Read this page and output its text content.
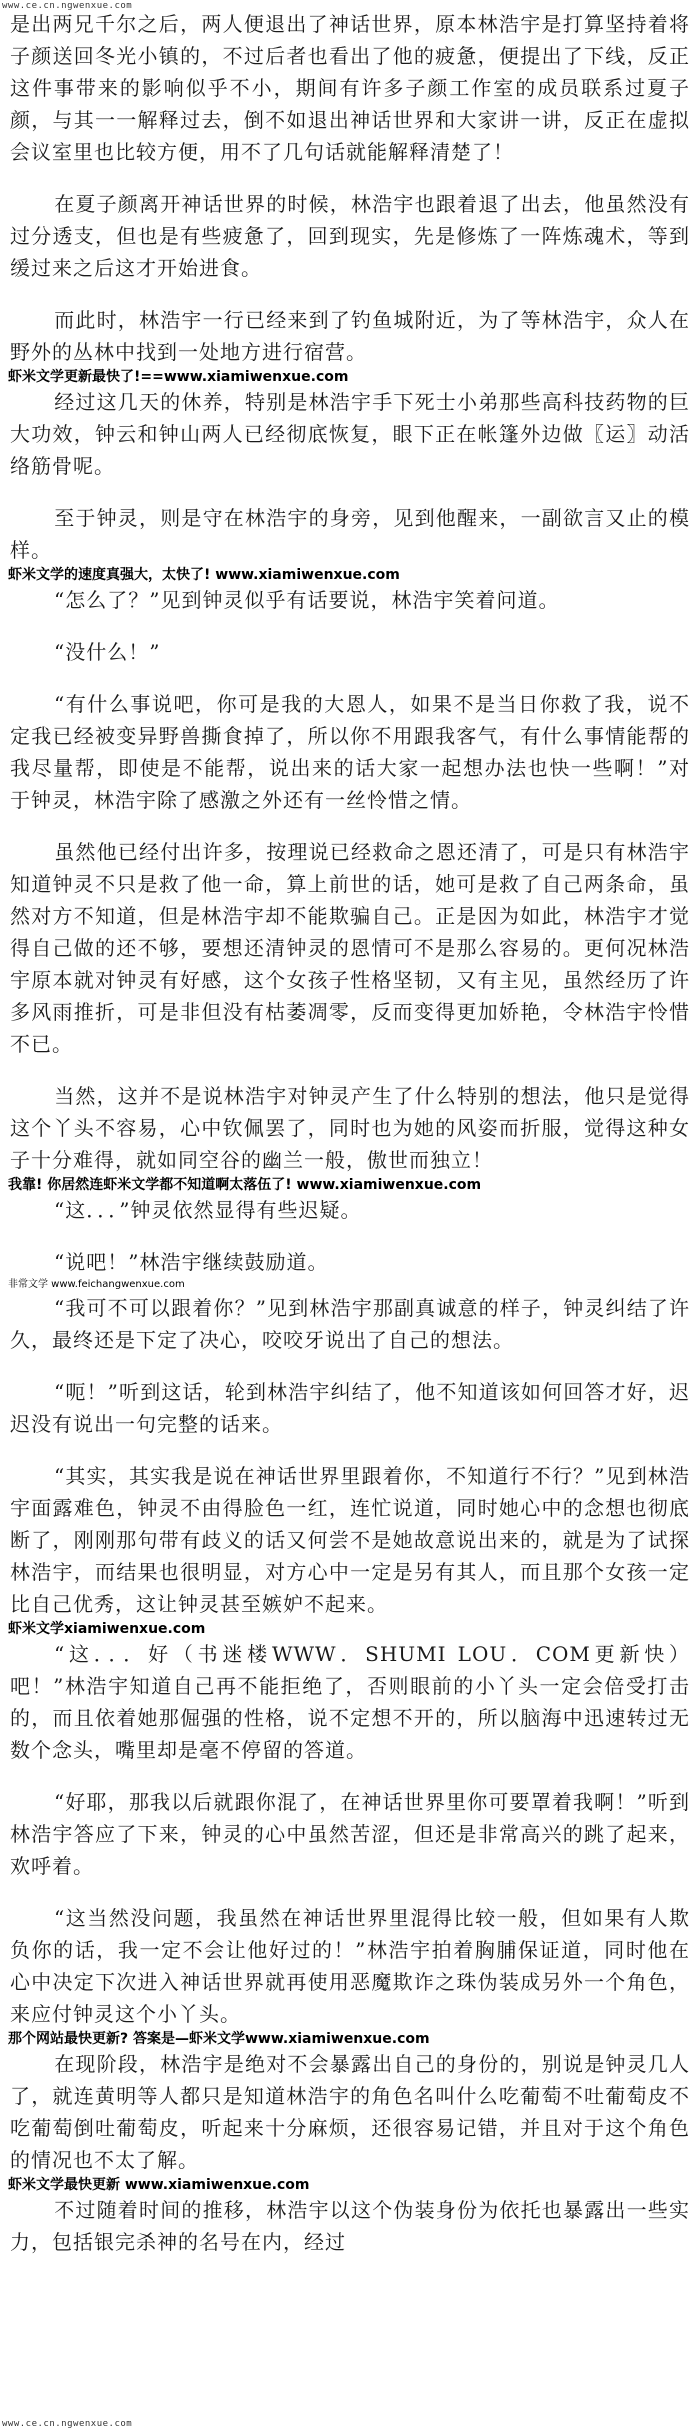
www.ce.cn.ngwenxue.com

是出两兄千尔之后，两人便退出了神话世界，原本林浩宇是打算坚持着将子颜送回冬光小镇的，不过后者也看出了他的疲惫，便提出了下线，反正这件事带来的影响似乎不小，期间有许多子颜工作室的成员联系过夏子颜，与其一一解释过去，倒不如退出神话世界和大家讲一讲，反正在虚拟会议室里也比较方便，用不了几句话就能解释清楚了！

在夏子颜离开神话世界的时候，林浩宇也跟着退了出去，他虽然没有过分透支，但也是有些疲惫了，回到现实，先是修炼了一阵炼魂术，等到缓过来之后这才开始进食。

而此时，林浩宇一行已经来到了钓鱼城附近，为了等林浩宇，众人在野外的丛林中找到一处地方进行宿营。

虾米文学更新最快了!==www.xiamiwenxue.com

经过这几天的休养，特别是林浩宇手下死士小弟那些高科技药物的巨大功效，钟云和钟山两人已经彻底恢复，眼下正在帐篷外边做〖运〗动活络筋骨呢。

至于钟灵，则是守在林浩宇的身旁，见到他醒来，一副欲言又止的模样。

虾米文学的速度真强大，太快了! www.xiamiwenxue.com

“怎么了？”见到钟灵似乎有话要说，林浩宇笑着问道。

“没什么！”

“有什么事说吧，你可是我的大恩人，如果不是当日你救了我，说不定我已经被变异野兽撕食掉了，所以你不用跟我客气，有什么事情能帮的我尽量帮，即使是不能帮，说出来的话大家一起想办法也快一些啊！”对于钟灵，林浩宇除了感激之外还有一丝怜惜之情。

虽然他已经付出许多，按理说已经救命之恩还清了，可是只有林浩宇知道钟灵不只是救了他一命，算上前世的话，她可是救了自己两条命，虽然对方不知道，但是林浩宇却不能欺骗自己。正是因为如此，林浩宇才觉得自己做的还不够，要想还清钟灵的恩情可不是那么容易的。更何况林浩宇原本就对钟灵有好感，这个女孩子性格坚韧，又有主见，虽然经历了许多风雨推折，可是非但没有枯萎凋零，反而变得更加娇艳，令林浩宇怜惜不已。

当然，这并不是说林浩宇对钟灵产生了什么特别的想法，他只是觉得这个丫头不容易，心中钦佩罢了，同时也为她的风姿而折服，觉得这种女子十分难得，就如同空谷的幽兰一般，傲世而独立！

我靠! 你居然连虾米文学都不知道啊太落伍了! www.xiamiwenxue.com

“这．．．”钟灵依然显得有些迟疑。

“说吧！”林浩宇继续鼓励道。

非常文学 www.feichangwenxue.com

“我可不可以跟着你？”见到林浩宇那副真诚意的样子，钟灵纠结了许久，最终还是下定了决心，咬咬牙说出了自己的想法。

“呃！”听到这话，轮到林浩宇纠结了，他不知道该如何回答才好，迟迟没有说出一句完整的话来。

“其实，其实我是说在神话世界里跟着你，不知道行不行？”见到林浩宇面露难色，钟灵不由得脸色一红，连忙说道，同时她心中的念想也彻底断了，刚刚那句带有歧义的话又何尝不是她故意说出来的，就是为了试探林浩宇，而结果也很明显，对方心中一定是另有其人，而且那个女孩一定比自己优秀，这让钟灵甚至嫉妒不起来。

虾米文学xiamiwenxue.com

“这．．．好（书迷楼WWW．SHUMI LOU．COM更新快）吧！”林浩宇知道自己再不能拒绝了，否则眼前的小丫头一定会倍受打击的，而且依着她那倔强的性格，说不定想不开的，所以脑海中迅速转过无数个念头，嘴里却是毫不停留的答道。

“好耶，那我以后就跟你混了，在神话世界里你可要罩着我啊！”听到林浩宇答应了下来，钟灵的心中虽然苦涩，但还是非常高兴的跳了起来，欢呼着。

“这当然没问题，我虽然在神话世界里混得比较一般，但如果有人欺负你的话，我一定不会让他好过的！”林浩宇拍着胸脯保证道，同时他在心中决定下次进入神话世界就再使用恶魔欺诈之珠伪装成另外一个角色，来应付钟灵这个小丫头。

那个网站最快更新? 答案是—虾米文学www.xiamiwenxue.com

在现阶段，林浩宇是绝对不会暴露出自己的身份的，别说是钟灵几人了，就连黄明等人都只是知道林浩宇的角色名叫什么吃葡萄不吐葡萄皮不吃葡萄倒吐葡萄皮，听起来十分麻烦，还很容易记错，并且对于这个角色的情况也不太了解。

虾米文学最快更新 www.xiamiwenxue.com

不过随着时间的推移，林浩宇以这个伪装身份为依托也暴露出一些实力，包括银完杀神的名号在内，经过

www.ce.cn.ngwenxue.com
